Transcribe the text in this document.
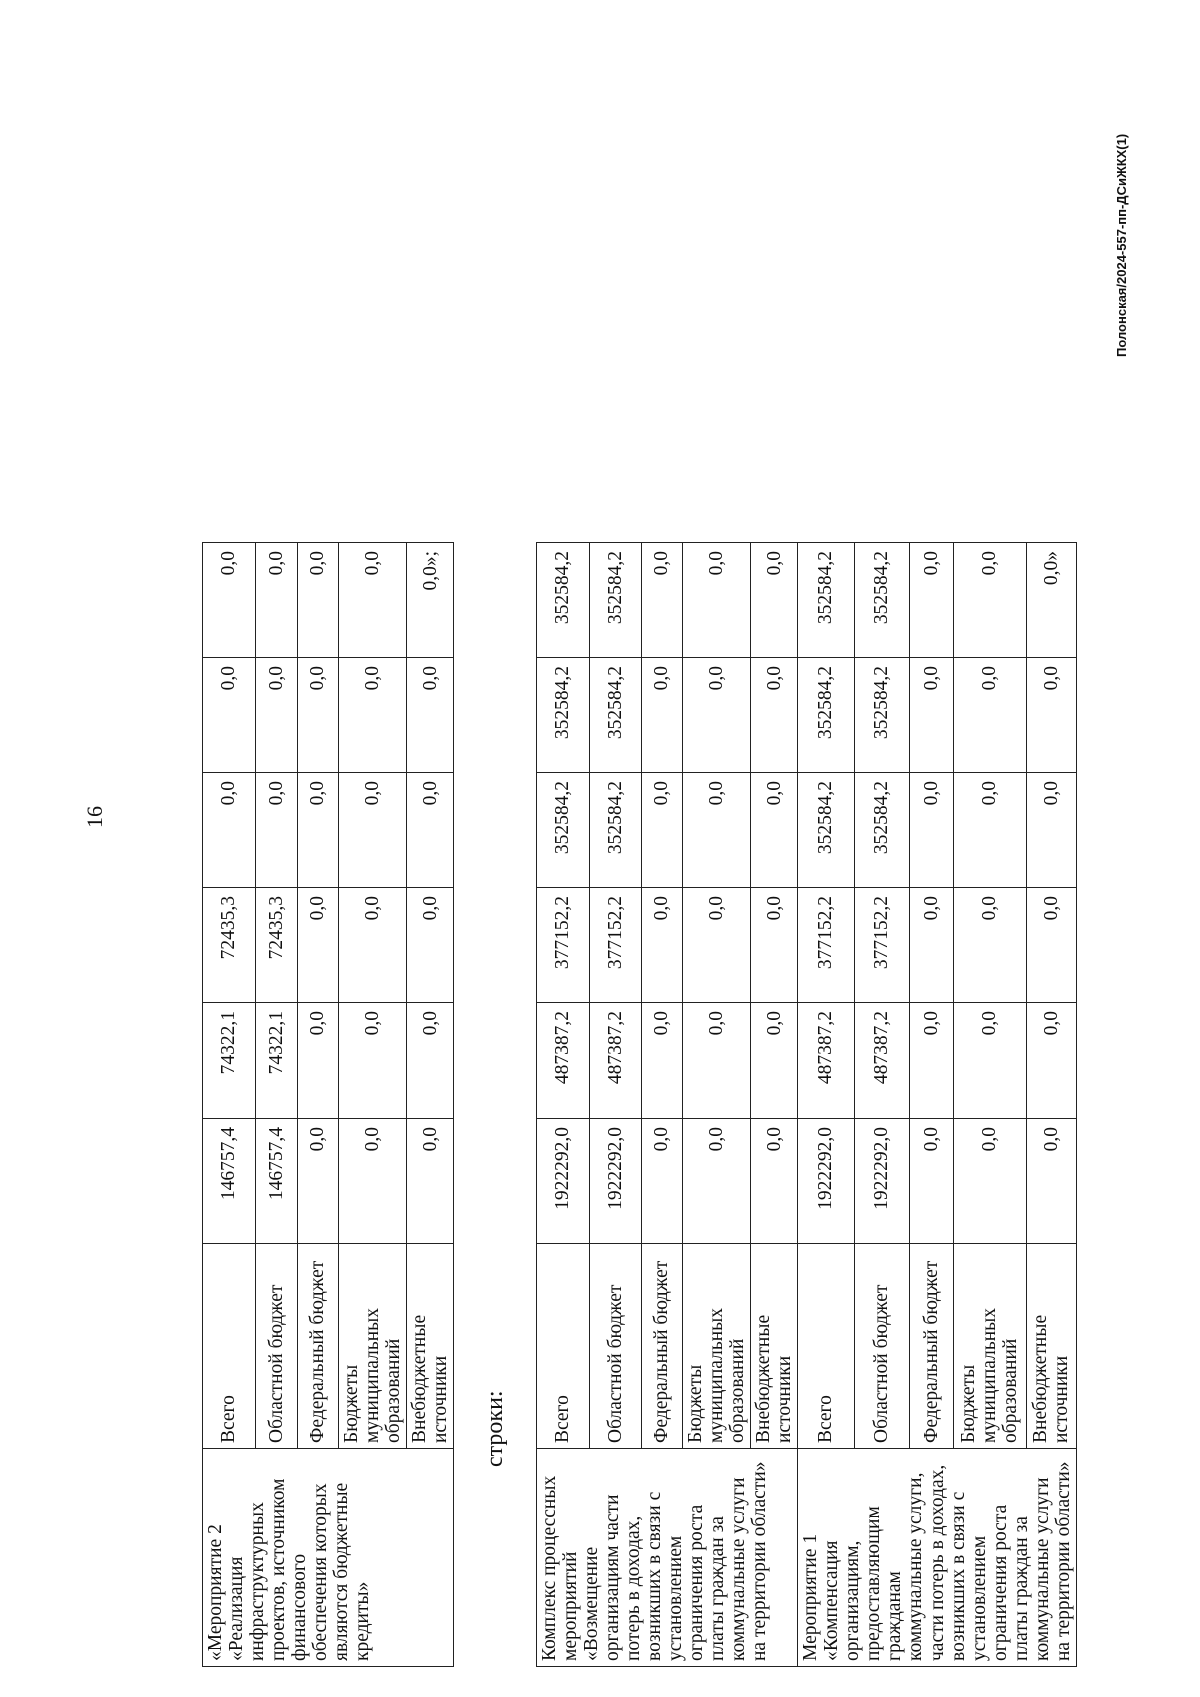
16
«Мероприятие 2 «Реализация инфраструктурных проектов, источником финансового обеспечения которых являются бюджетные кредиты»	Всего	146757,4	74322,1	72435,3	0,0	0,0	0,0
	Областной бюджет	146757,4	74322,1	72435,3	0,0	0,0	0,0
	Федеральный бюджет	0,0	0,0	0,0	0,0	0,0	0,0
	Бюджеты муниципальных образований	0,0	0,0	0,0	0,0	0,0	0,0
	Внебюджетные источники	0,0	0,0	0,0	0,0	0,0	0,0»;
строки:
Комплекс процессных мероприятий «Возмещение организациям части потерь в доходах, возникших в связи с установлением ограничения роста платы граждан за коммунальные услуги на территории области»	Всего	1922292,0	487387,2	377152,2	352584,2	352584,2	352584,2
	Областной бюджет	1922292,0	487387,2	377152,2	352584,2	352584,2	352584,2
	Федеральный бюджет	0,0	0,0	0,0	0,0	0,0	0,0
	Бюджеты муниципальных образований	0,0	0,0	0,0	0,0	0,0	0,0
	Внебюджетные источники	0,0	0,0	0,0	0,0	0,0	0,0
Мероприятие 1 «Компенсация организациям, предоставляющим гражданам коммунальные услуги, части потерь в доходах, возникших в связи с установлением ограничения роста платы граждан за коммунальные услуги на территории области»	Всего	1922292,0	487387,2	377152,2	352584,2	352584,2	352584,2
	Областной бюджет	1922292,0	487387,2	377152,2	352584,2	352584,2	352584,2
	Федеральный бюджет	0,0	0,0	0,0	0,0	0,0	0,0
	Бюджеты муниципальных образований	0,0	0,0	0,0	0,0	0,0	0,0
	Внебюджетные источники	0,0	0,0	0,0	0,0	0,0	0,0»
Полонская/2024-557-пп-ДСиЖКХ(1)
